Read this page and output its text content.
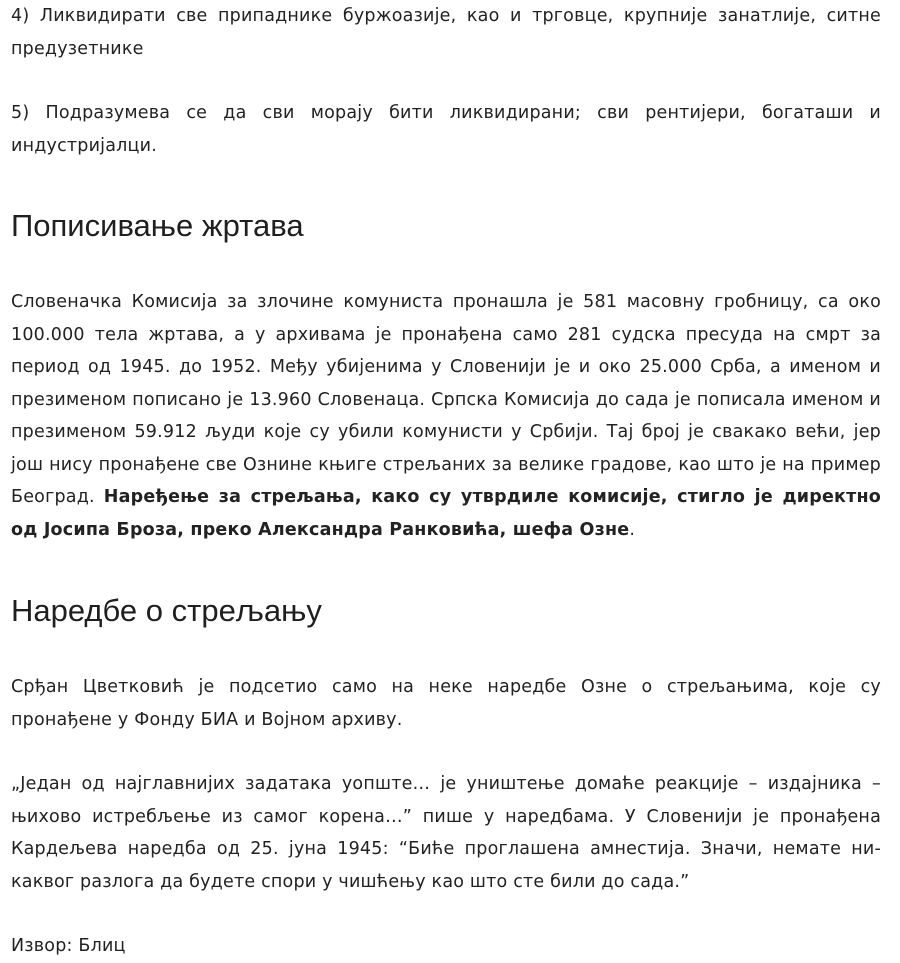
4) Ликвидирати све припаднике буржоазије, као и трговце, крупније занатлије, ситне предузетнике

5) Подразумева се да сви морају бити ликвидирани; сви рентијери, богаташи и индустријалци.

Пописивање жртава

Словеначка Комисија за злочине комуниста пронашла је 581 масовну гробницу, са око 100.000 тела жртава, а у архивама је пронађена само 281 судска пресуда на смрт за период од 1945. до 1952. Међу убијенима у Словенији је и око 25.000 Срба, а именом и презименом пописано је 13.960 Словенаца. Српска Комисија до сада је пописала именом и презименом 59.912 људи које су убили комунисти у Србији. Тај број је свакако већи, јер још нису пронађене све Ознине књиге стрељаних за велике градове, као што је на пример Београд. Наређење за стрељања, како су утврдиле комисије, стигло је директно од Јосипа Броза, преко Александра Ранковића, шефа Озне.

Наредбе о стрељању

Срђан Цветковић је подсетио само на неке наредбе Озне о стрељањима, које су пронађене у Фонду БИА и Војном архиву.

„Један од најглавнијих задатака уопште… је уништење домаће реакције – издајника – њихово истребљење из самог корена…” пише у наредбама. У Словенији је пронађена Кардељева наредба од 25. јуна 1945: “Биће проглашена амнестија. Значи, немате ни-каквог разлога да будете спори у чишћењу као што сте били до сада.”

Извор: Блиц
